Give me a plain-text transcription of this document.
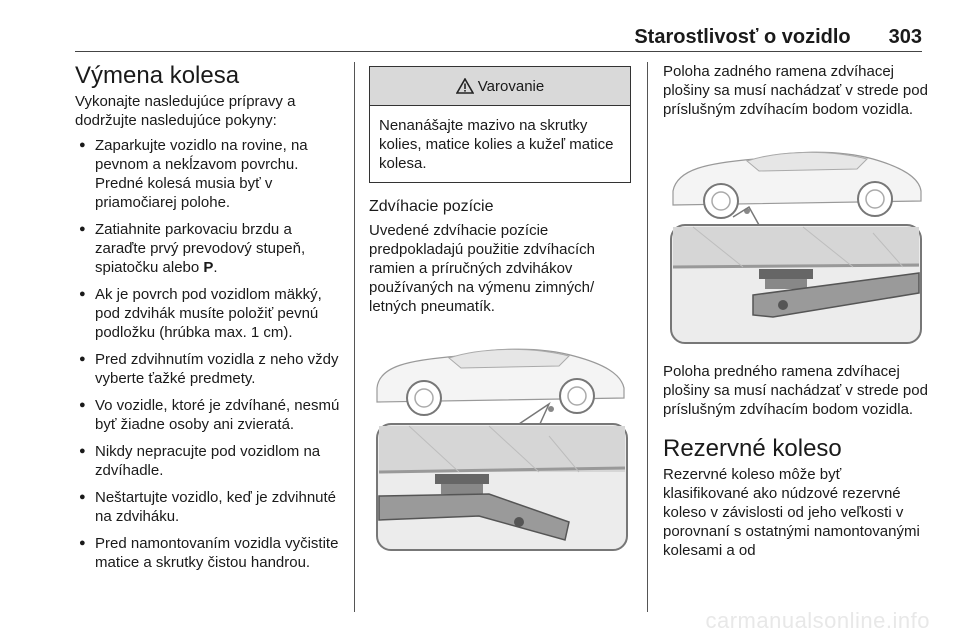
Starostlivosť o vozidlo 303
Výmena kolesa

Vykonajte nasledujúce prípravy a dodržujte nasledujúce pokyny:

● Zaparkujte vozidlo na rovine, na pevnom a nekĺzavom povrchu. Predné kolesá musia byť v priamočiarej polohe.
● Zatiahnite parkovaciu brzdu a zaraďte prvý prevodový stupeň, spiatočku alebo P.
● Ak je povrch pod vozidlom mäkký, pod zdvihák musíte položiť pevnú podložku (hrúbka max. 1 cm).
● Pred zdvihnutím vozidla z neho vždy vyberte ťažké predmety.
● Vo vozidle, ktoré je zdvíhané, nesmú byť žiadne osoby ani zvieratá.
● Nikdy nepracujte pod vozidlom na zdvíhadle.
● Neštartujte vozidlo, keď je zdvihnuté na zdviháku.
● Pred namontovaním vozidla vyčistite matice a skrutky čistou handrou.
Varovanie
Nenanášajte mazivo na skrutky kolies, matice kolies a kužeľ matice kolesa.
Zdvíhacie pozície

Uvedené zdvíhacie pozície predpokladajú použitie zdvíhacích ramien a príručných zdvihákov používaných na výmenu zimných/ letných pneumatík.

Poloha zadného ramena zdvíhacej plošiny sa musí nachádzať v strede pod príslušným zdvíhacím bodom vozidla.

Poloha predného ramena zdvíhacej plošiny sa musí nachádzať v strede pod príslušným zdvíhacím bodom vozidla.

Rezervné koleso

Rezervné koleso môže byť klasifikované ako núdzové rezervné koleso v závislosti od jeho veľkosti v porovnaní s ostatnými namontovanými kolesami a od

carmanualsonline.info
